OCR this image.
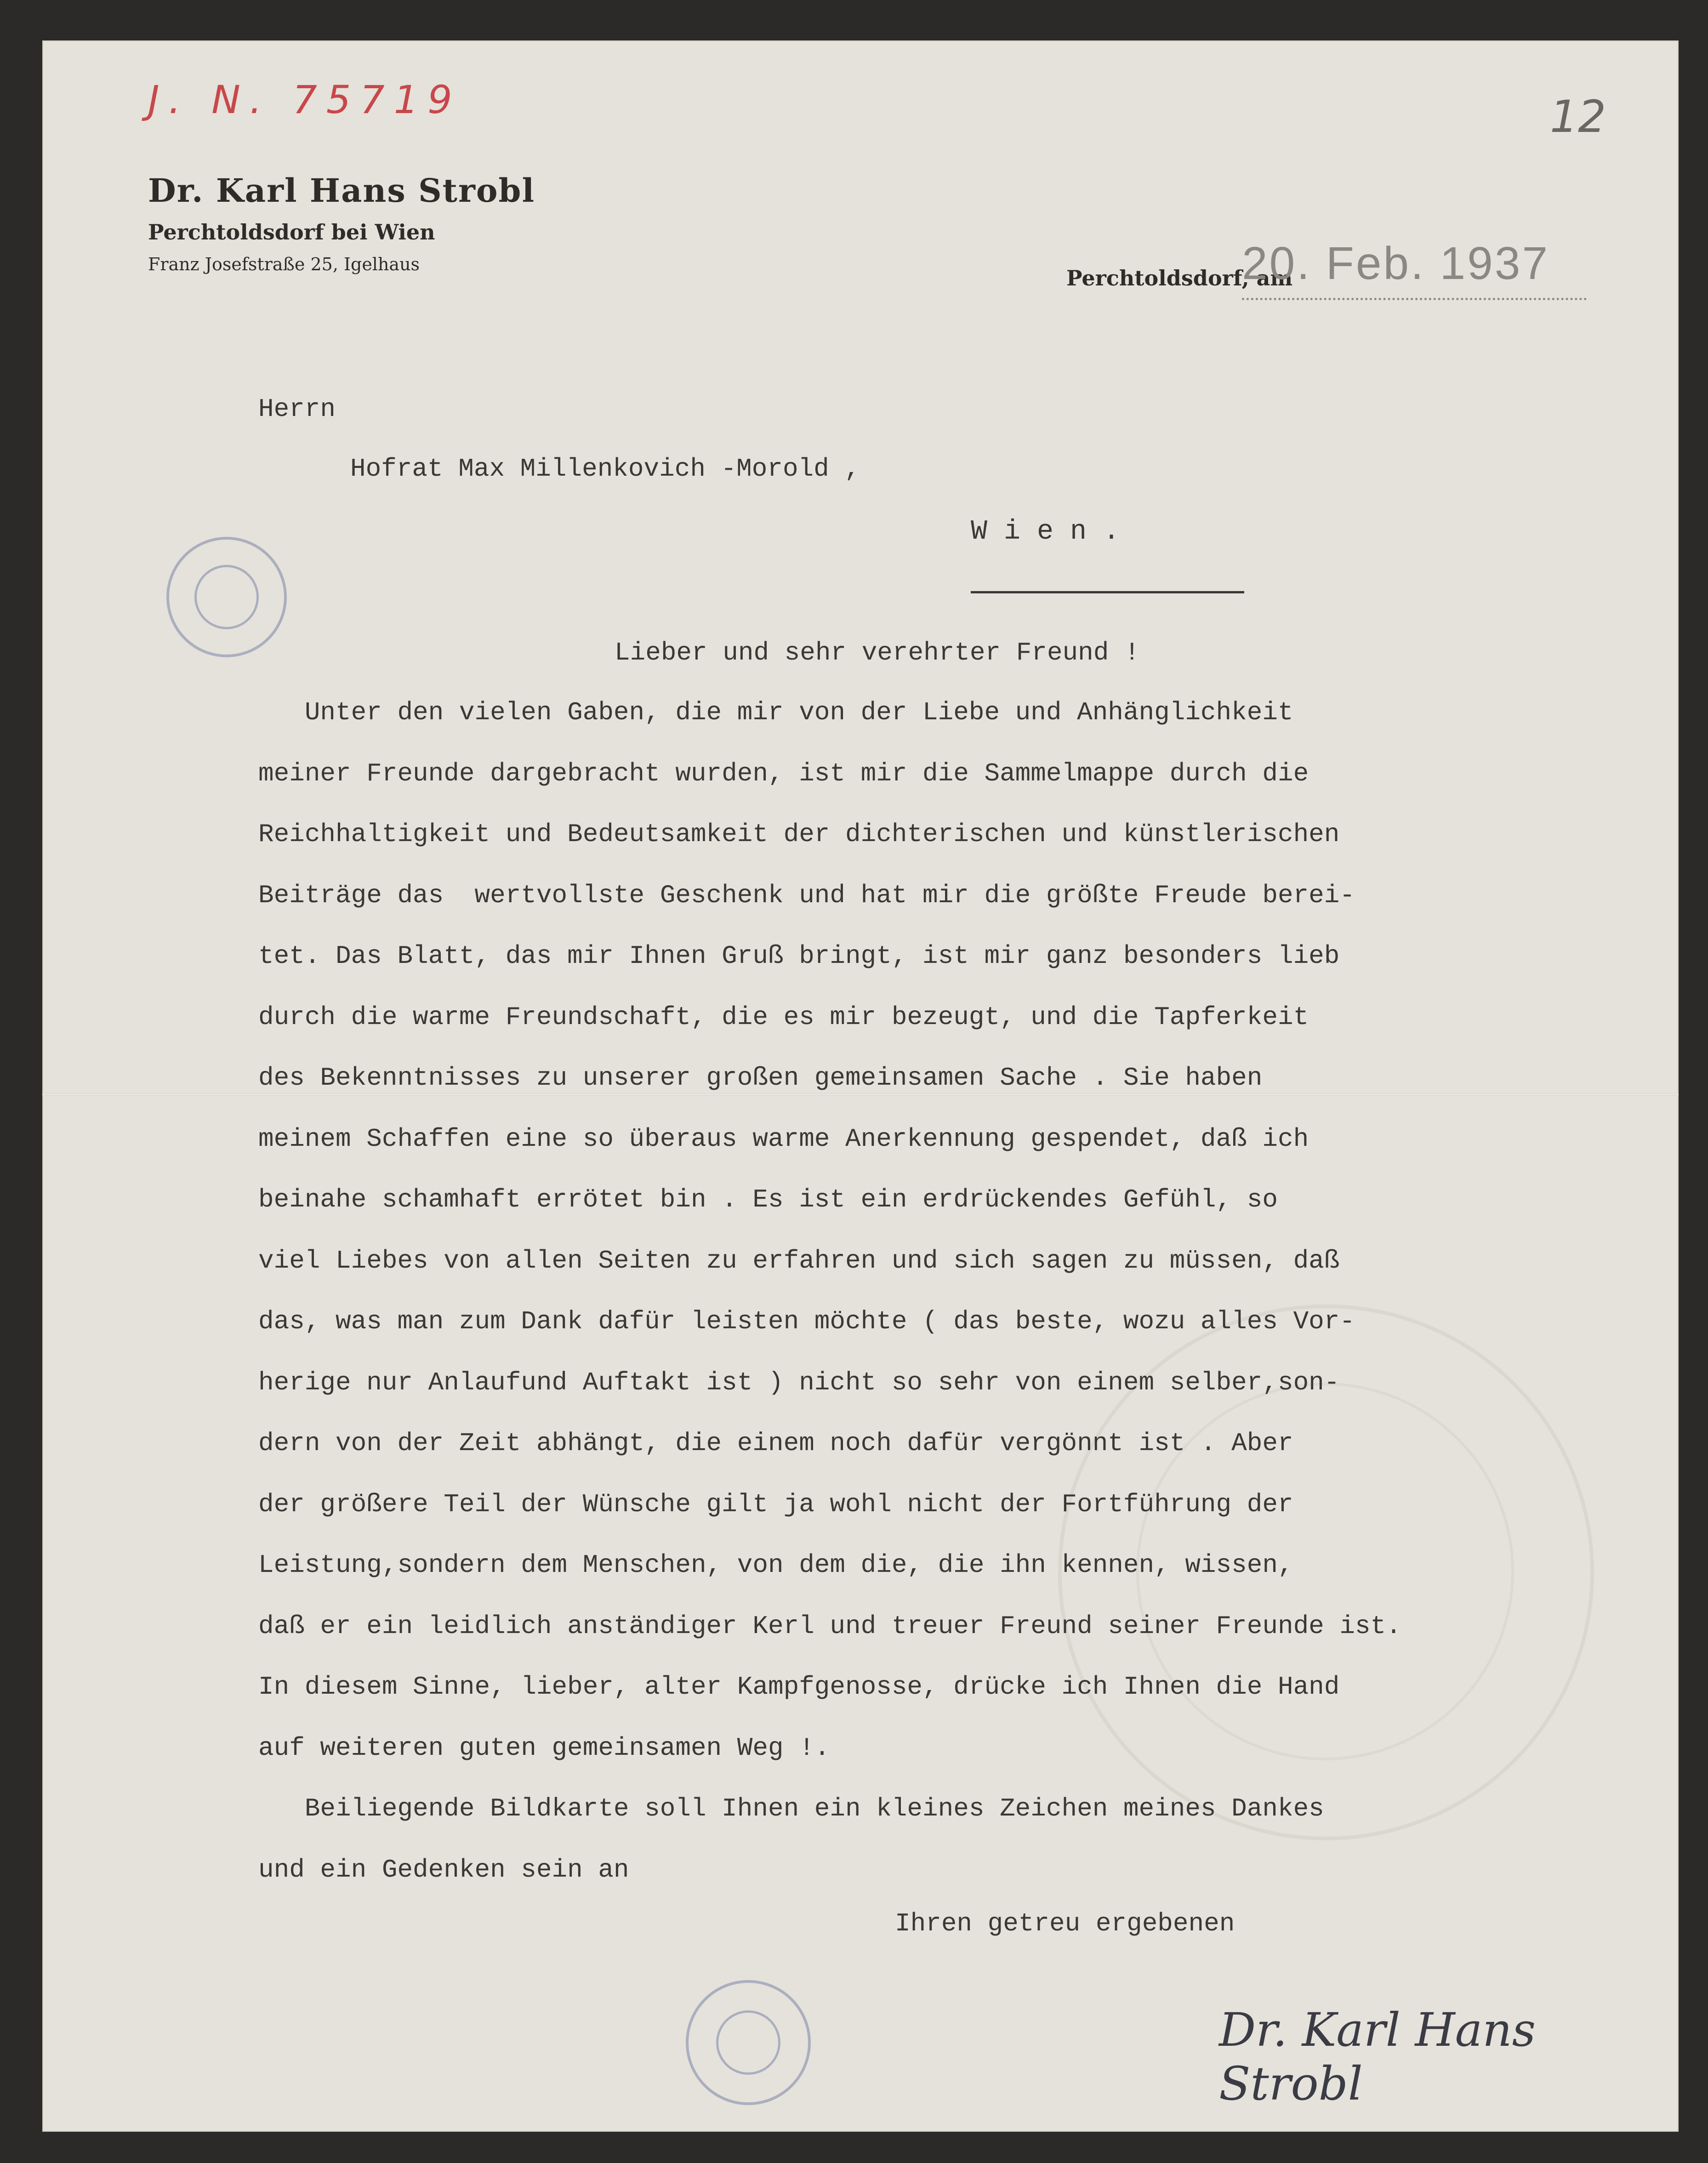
J. N. 75719	12
Dr. Karl Hans Strobl
Perchtoldsdorf bei Wien
Franz Josefstraße 25, Igelhaus
Perchtoldsdorf, am
20. Feb. 1937
Herrn
Hofrat Max Millenkovich -Morold ,
W i e n .
Lieber und sehr verehrter Freund !
Unter den vielen Gaben, die mir von der Liebe und Anhänglichkeit
meiner Freunde dargebracht wurden, ist mir die Sammelmappe durch die
Reichhaltigkeit und Bedeutsamkeit der dichterischen und künstlerischen
Beiträge das  wertvollste Geschenk und hat mir die größte Freude berei-
tet. Das Blatt, das mir Ihnen Gruß bringt, ist mir ganz besonders lieb
durch die warme Freundschaft, die es mir bezeugt, und die Tapferkeit
des Bekenntnisses zu unserer großen gemeinsamen Sache . Sie haben
meinem Schaffen eine so überaus warme Anerkennung gespendet, daß ich
beinahe schamhaft errötet bin . Es ist ein erdrückendes Gefühl, so
viel Liebes von allen Seiten zu erfahren und sich sagen zu müssen, daß
das, was man zum Dank dafür leisten möchte ( das beste, wozu alles Vor-
herige nur Anlaufund Auftakt ist ) nicht so sehr von einem selber,son-
dern von der Zeit abhängt, die einem noch dafür vergönnt ist . Aber
der größere Teil der Wünsche gilt ja wohl nicht der Fortführung der
Leistung,sondern dem Menschen, von dem die, die ihn kennen, wissen,
daß er ein leidlich anständiger Kerl und treuer Freund seiner Freunde ist.
In diesem Sinne, lieber, alter Kampfgenosse, drücke ich Ihnen die Hand
auf weiteren guten gemeinsamen Weg !.
Beiliegende Bildkarte soll Ihnen ein kleines Zeichen meines Dankes
und ein Gedenken sein an
Ihren getreu ergebenen
Dr. Karl Hans Strobl
